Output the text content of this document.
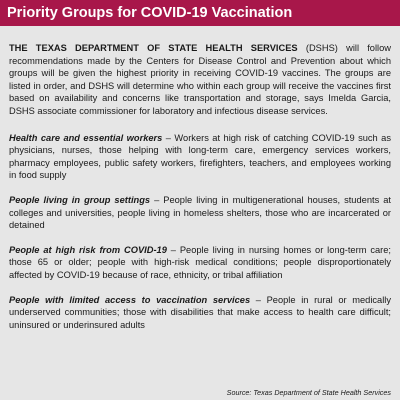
Priority Groups for COVID-19 Vaccination

THE TEXAS DEPARTMENT OF STATE HEALTH SERVICES (DSHS) will follow recommendations made by the Centers for Disease Control and Prevention about which groups will be given the highest priority in receiving COVID-19 vaccines. The groups are listed in order, and DSHS will determine who within each group will receive the vaccines first based on availability and concerns like transportation and storage, says Imelda Garcia, DSHS associate commissioner for laboratory and infectious disease services.

Health care and essential workers – Workers at high risk of catching COVID-19 such as physicians, nurses, those helping with long-term care, emergency services workers, pharmacy employees, public safety workers, firefighters, teachers, and employees working in food supply

People living in group settings – People living in multigenerational houses, students at colleges and universities, people living in homeless shelters, those who are incarcerated or detained

People at high risk from COVID-19 – People living in nursing homes or long-term care; those 65 or older; people with high-risk medical conditions; people disproportionately affected by COVID-19 because of race, ethnicity, or tribal affiliation

People with limited access to vaccination services – People in rural or medically underserved communities; those with disabilities that make access to health care difficult; uninsured or underinsured adults

Source: Texas Department of State Health Services
